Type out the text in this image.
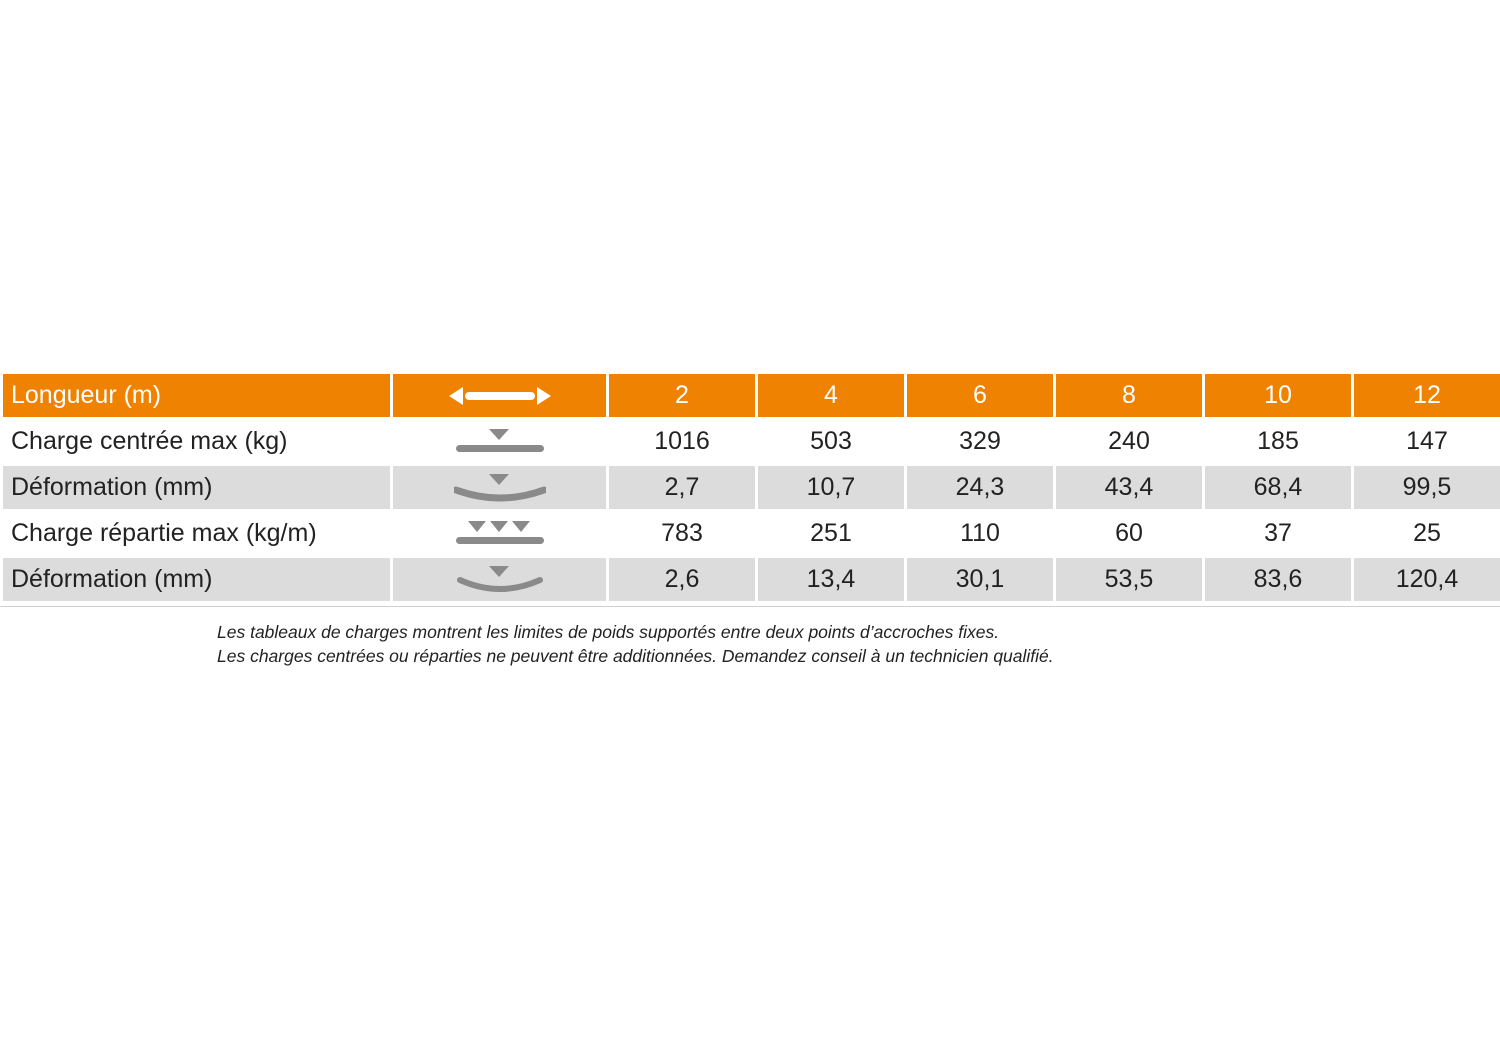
Longueur (m)		2	4	6	8	10	12
Charge centrée max (kg)		1016	503	329	240	185	147
Déformation (mm)		2,7	10,7	24,3	43,4	68,4	99,5
Charge répartie max (kg/m)		783	251	110	60	37	25
Déformation (mm)		2,6	13,4	30,1	53,5	83,6	120,4

Les tableaux de charges montrent les limites de poids supportés entre deux points d’accroches fixes.

Les charges centrées ou réparties ne peuvent être additionnées. Demandez conseil à un technicien qualifié.
